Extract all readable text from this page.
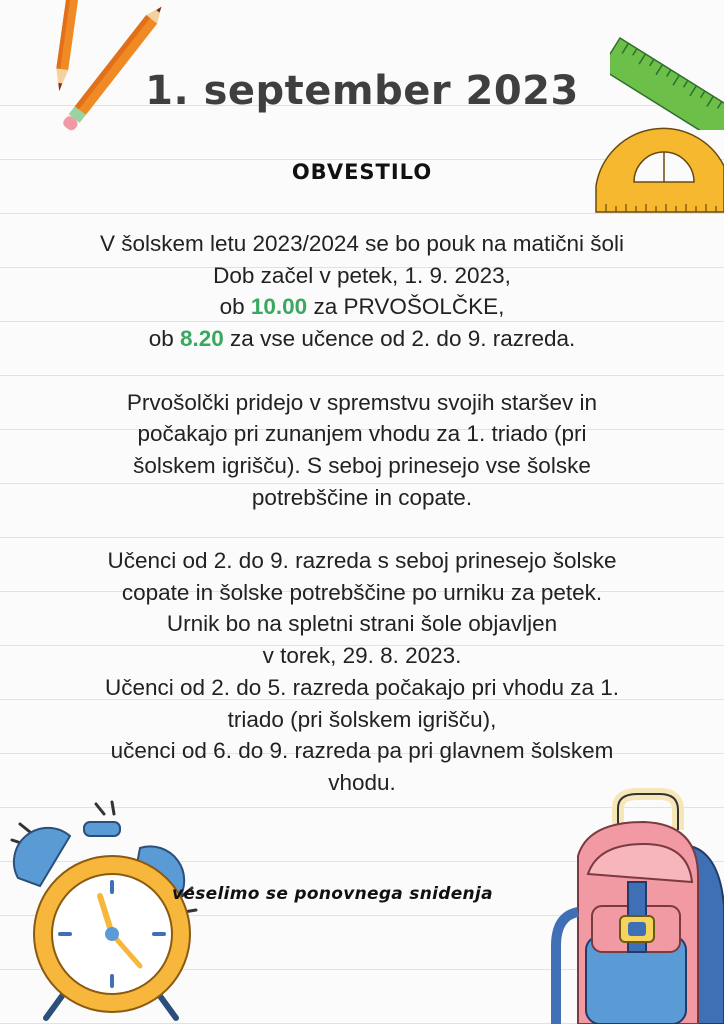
1. september 2023
OBVESTILO
V šolskem letu 2023/2024 se bo pouk na matični šoli
Dob začel v petek, 1. 9. 2023,
ob 10.00 za PRVOŠOLČKE,
ob 8.20 za vse učence od 2. do 9. razreda.
Prvošolčki pridejo v spremstvu svojih staršev in
počakajo pri zunanjem vhodu za 1. triado (pri
šolskem igrišču). S seboj prinesejo vse šolske
potrebščine in copate.
Učenci od 2. do 9. razreda s seboj prinesejo šolske
copate in šolske potrebščine po urniku za petek.
Urnik bo na spletni strani šole objavljen
v torek, 29. 8. 2023.
Učenci od 2. do 5. razreda počakajo pri vhodu za 1.
triado (pri šolskem igrišču),
učenci od 6. do 9. razreda pa pri glavnem šolskem
vhodu.
veselimo se ponovnega snidenja
